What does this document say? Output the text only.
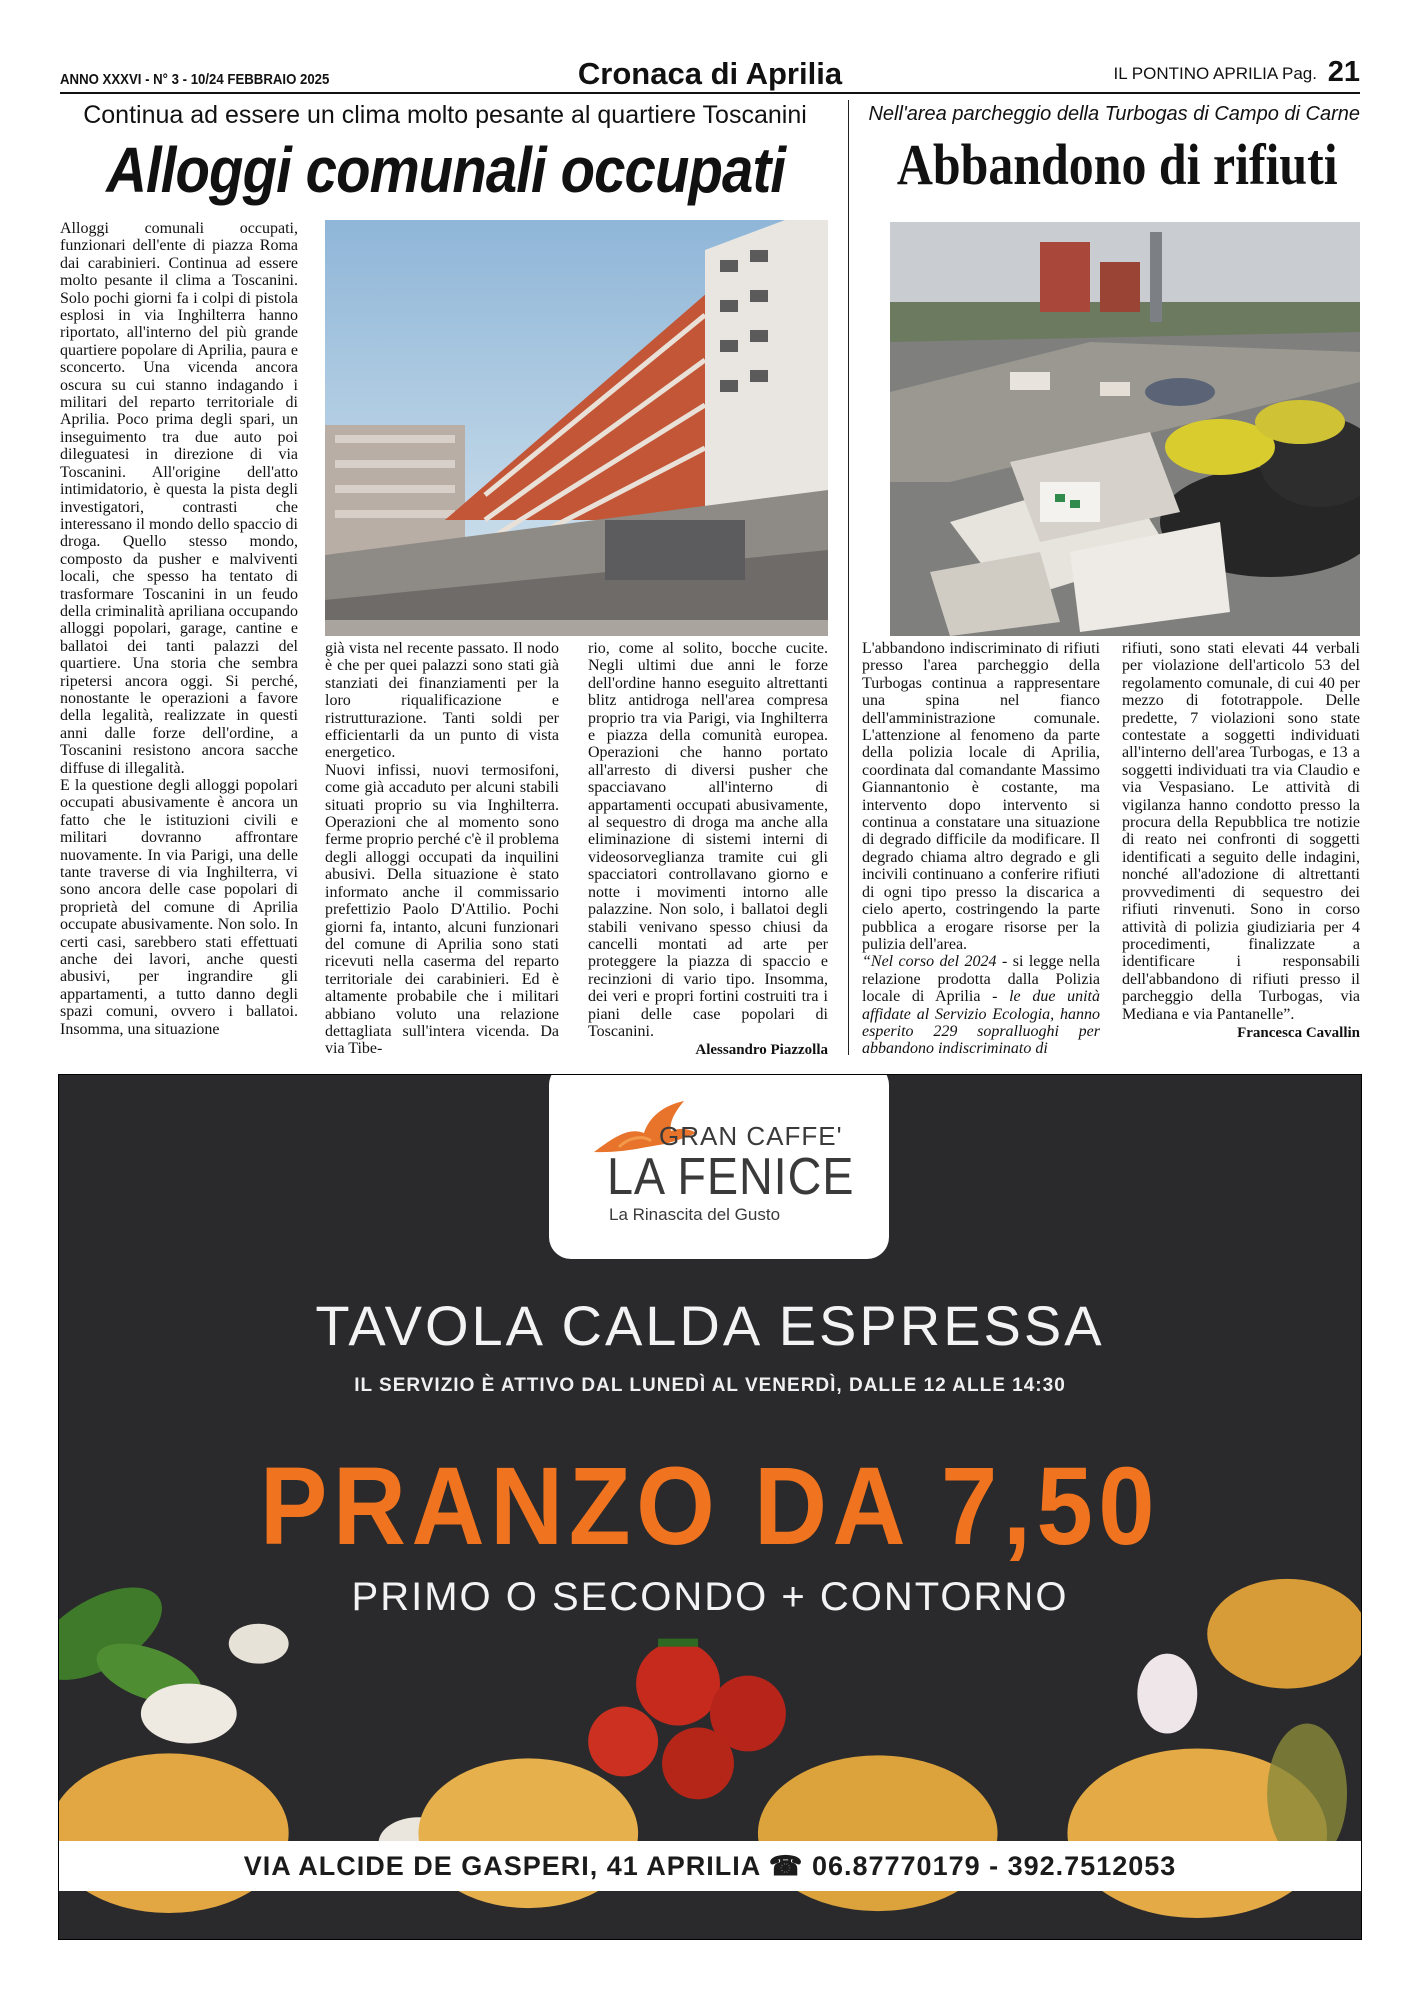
ANNO XXXVI - N° 3 - 10/24 FEBBRAIO 2025	Cronaca di Aprilia	IL PONTINO APRILIA Pag. 21
Continua ad essere un clima molto pesante al quartiere Toscanini
Alloggi comunali occupati

Alloggi comunali occupati, funzionari dell'ente di piazza Roma dai carabinieri. Continua ad essere molto pesante il clima a Toscanini. Solo pochi giorni fa i colpi di pistola esplosi in via Inghilterra hanno riportato, all'interno del più grande quartiere popolare di Aprilia, paura e sconcerto. Una vicenda ancora oscura su cui stanno indagando i militari del reparto territoriale di Aprilia. Poco prima degli spari, un inseguimento tra due auto poi dileguatesi in direzione di via Toscanini. All'origine dell'atto intimidatorio, è questa la pista degli investigatori, contrasti che interessano il mondo dello spaccio di droga. Quello stesso mondo, composto da pusher e malviventi locali, che spesso ha tentato di trasformare Toscanini in un feudo della criminalità apriliana occupando alloggi popolari, garage, cantine e ballatoi dei tanti palazzi del quartiere. Una storia che sembra ripetersi ancora oggi. Si perché, nonostante le operazioni a favore della legalità, realizzate in questi anni dalle forze dell'ordine, a Toscanini resistono ancora sacche diffuse di illegalità.

E la questione degli alloggi popolari occupati abusivamente è ancora un fatto che le istituzioni civili e militari dovranno affrontare nuovamente. In via Parigi, una delle tante traverse di via Inghilterra, vi sono ancora delle case popolari di proprietà del comune di Aprilia occupate abusivamente. Non solo. In certi casi, sarebbero stati effettuati anche dei lavori, anche questi abusivi, per ingrandire gli appartamenti, a tutto danno degli spazi comuni, ovvero i ballatoi. Insomma, una situazione

già vista nel recente passato. Il nodo è che per quei palazzi sono stati già stanziati dei finanziamenti per la loro riqualificazione e ristrutturazione. Tanti soldi per efficientarli da un punto di vista energetico.

Nuovi infissi, nuovi termosifoni, come già accaduto per alcuni stabili situati proprio su via Inghilterra. Operazioni che al momento sono ferme proprio perché c'è il problema degli alloggi occupati da inquilini abusivi. Della situazione è stato informato anche il commissario prefettizio Paolo D'Attilio. Pochi giorni fa, intanto, alcuni funzionari del comune di Aprilia sono stati ricevuti nella caserma del reparto territoriale dei carabinieri. Ed è altamente probabile che i militari abbiano voluto una relazione dettagliata sull'intera vicenda. Da via Tibe-

rio, come al solito, bocche cucite. Negli ultimi due anni le forze dell'ordine hanno eseguito altrettanti blitz antidroga nell'area compresa proprio tra via Parigi, via Inghilterra e piazza della comunità europea. Operazioni che hanno portato all'arresto di diversi pusher che spacciavano all'interno di appartamenti occupati abusivamente, al sequestro di droga ma anche alla eliminazione di sistemi interni di videosorveglianza tramite cui gli spacciatori controllavano giorno e notte i movimenti intorno alle palazzine. Non solo, i ballatoi degli stabili venivano spesso chiusi da cancelli montati ad arte per proteggere la piazza di spaccio e recinzioni di vario tipo. Insomma, dei veri e propri fortini costruiti tra i piani delle case popolari di Toscanini.

Alessandro Piazzolla
Nell'area parcheggio della Turbogas di Campo di Carne
Abbandono di rifiuti

L'abbandono indiscriminato di rifiuti presso l'area parcheggio della Turbogas continua a rappresentare una spina nel fianco dell'amministrazione comunale. L'attenzione al fenomeno da parte della polizia locale di Aprilia, coordinata dal comandante Massimo Giannantonio è costante, ma intervento dopo intervento si continua a constatare una situazione di degrado difficile da modificare. Il degrado chiama altro degrado e gli incivili continuano a conferire rifiuti di ogni tipo presso la discarica a cielo aperto, costringendo la parte pubblica a erogare risorse per la pulizia dell'area.

“Nel corso del 2024 - si legge nella relazione prodotta dalla Polizia locale di Aprilia - le due unità affidate al Servizio Ecologia, hanno esperito 229 sopralluoghi per abbandono indiscriminato di

rifiuti, sono stati elevati 44 verbali per violazione dell'articolo 53 del regolamento comunale, di cui 40 per mezzo di fototrappole. Delle predette, 7 violazioni sono state contestate a soggetti individuati all'interno dell'area Turbogas, e 13 a soggetti individuati tra via Claudio e via Vespasiano. Le attività di vigilanza hanno condotto presso la procura della Repubblica tre notizie di reato nei confronti di soggetti identificati a seguito delle indagini, nonché all'adozione di altrettanti provvedimenti di sequestro dei rifiuti rinvenuti. Sono in corso attività di polizia giudiziaria per 4 procedimenti, finalizzate a identificare i responsabili dell'abbandono di rifiuti presso il parcheggio della Turbogas, via Mediana e via Pantanelle”.

Francesca Cavallin
GRAN CAFFE'
LA FENICE
La Rinascita del Gusto
TAVOLA CALDA ESPRESSA
IL SERVIZIO È ATTIVO DAL LUNEDÌ AL VENERDÌ, DALLE 12 ALLE 14:30
PRANZO DA 7,50
PRIMO O SECONDO + CONTORNO
VIA ALCIDE DE GASPERI, 41 APRILIA ☎ 06.87770179 - 392.7512053
